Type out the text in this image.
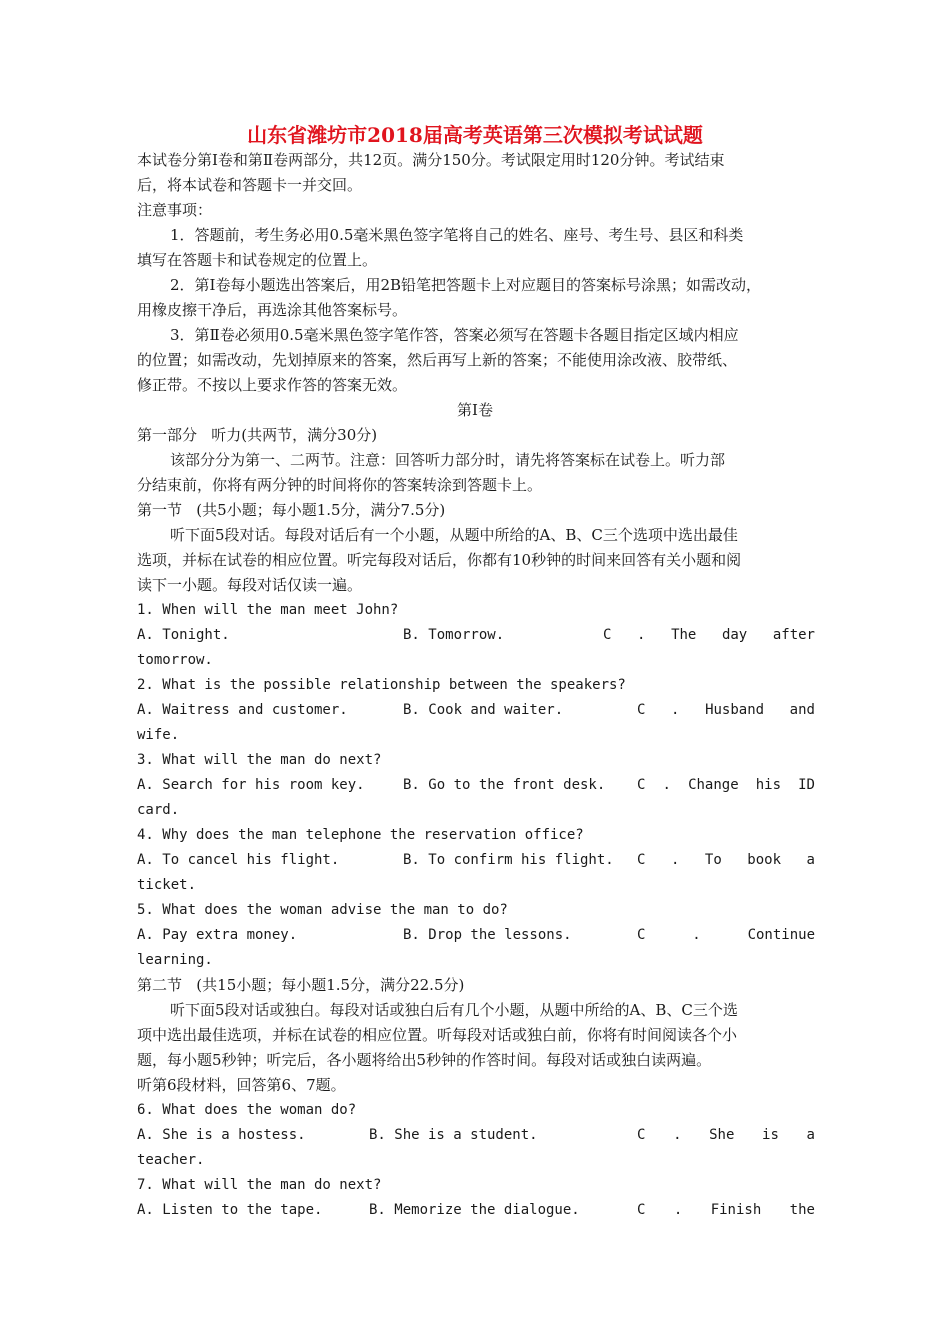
山东省潍坊市2018届高考英语第三次模拟考试试题
本试卷分第Ⅰ卷和第Ⅱ卷两部分，共12页。满分150分。考试限定用时120分钟。考试结束
后，将本试卷和答题卡一并交回。
注意事项：
1．答题前，考生务必用0.5毫米黑色签字笔将自己的姓名、座号、考生号、县区和科类
填写在答题卡和试卷规定的位置上。
2．第Ⅰ卷每小题选出答案后，用2B铅笔把答题卡上对应题目的答案标号涂黑；如需改动，
用橡皮擦干净后，再选涂其他答案标号。
3．第Ⅱ卷必须用0.5毫米黑色签字笔作答，答案必须写在答题卡各题目指定区域内相应
的位置；如需改动，先划掉原来的答案，然后再写上新的答案；不能使用涂改液、胶带纸、
修正带。不按以上要求作答的答案无效。
第Ⅰ卷
第一部分   听力(共两节，满分30分)
该部分分为第一、二两节。注意：回答听力部分时，请先将答案标在试卷上。听力部
分结束前，你将有两分钟的时间将你的答案转涂到答题卡上。
第一节   (共5小题；每小题1.5分，满分7.5分)
听下面5段对话。每段对话后有一个小题，从题中所给的A、B、C三个选项中选出最佳
选项，并标在试卷的相应位置。听完每段对话后，你都有10秒钟的时间来回答有关小题和阅
读下一小题。每段对话仅读一遍。
1. When will the man meet John?
A. Tonight.	B. Tomorrow.	C . The day after
tomorrow.
2. What is the possible relationship between the speakers?
A. Waitress and customer.	B. Cook and waiter.	C . Husband and
wife.
3. What will the man do next?
A. Search for his room key.	B. Go to the front desk. C . Change his ID
card.
4. Why does the man telephone the reservation office?
A. To cancel his flight.	B. To confirm his flight. C . To book a
ticket.
5. What does the woman advise the man to do?
A. Pay extra money.	B. Drop the lessons.	C	.	Continue
learning.
第二节   (共15小题；每小题1.5分，满分22.5分)
听下面5段对话或独白。每段对话或独白后有几个小题，从题中所给的A、B、C三个选
项中选出最佳选项，并标在试卷的相应位置。听每段对话或独白前，你将有时间阅读各个小
题，每小题5秒钟；听完后，各小题将给出5秒钟的作答时间。每段对话或独白读两遍。
听第6段材料，回答第6、7题。
6. What does the woman do?
A. She is a hostess.	B. She is a student.	C . She is a
teacher.
7. What will the man do next?
A. Listen to the tape.	B. Memorize the dialogue.	C . Finish the
